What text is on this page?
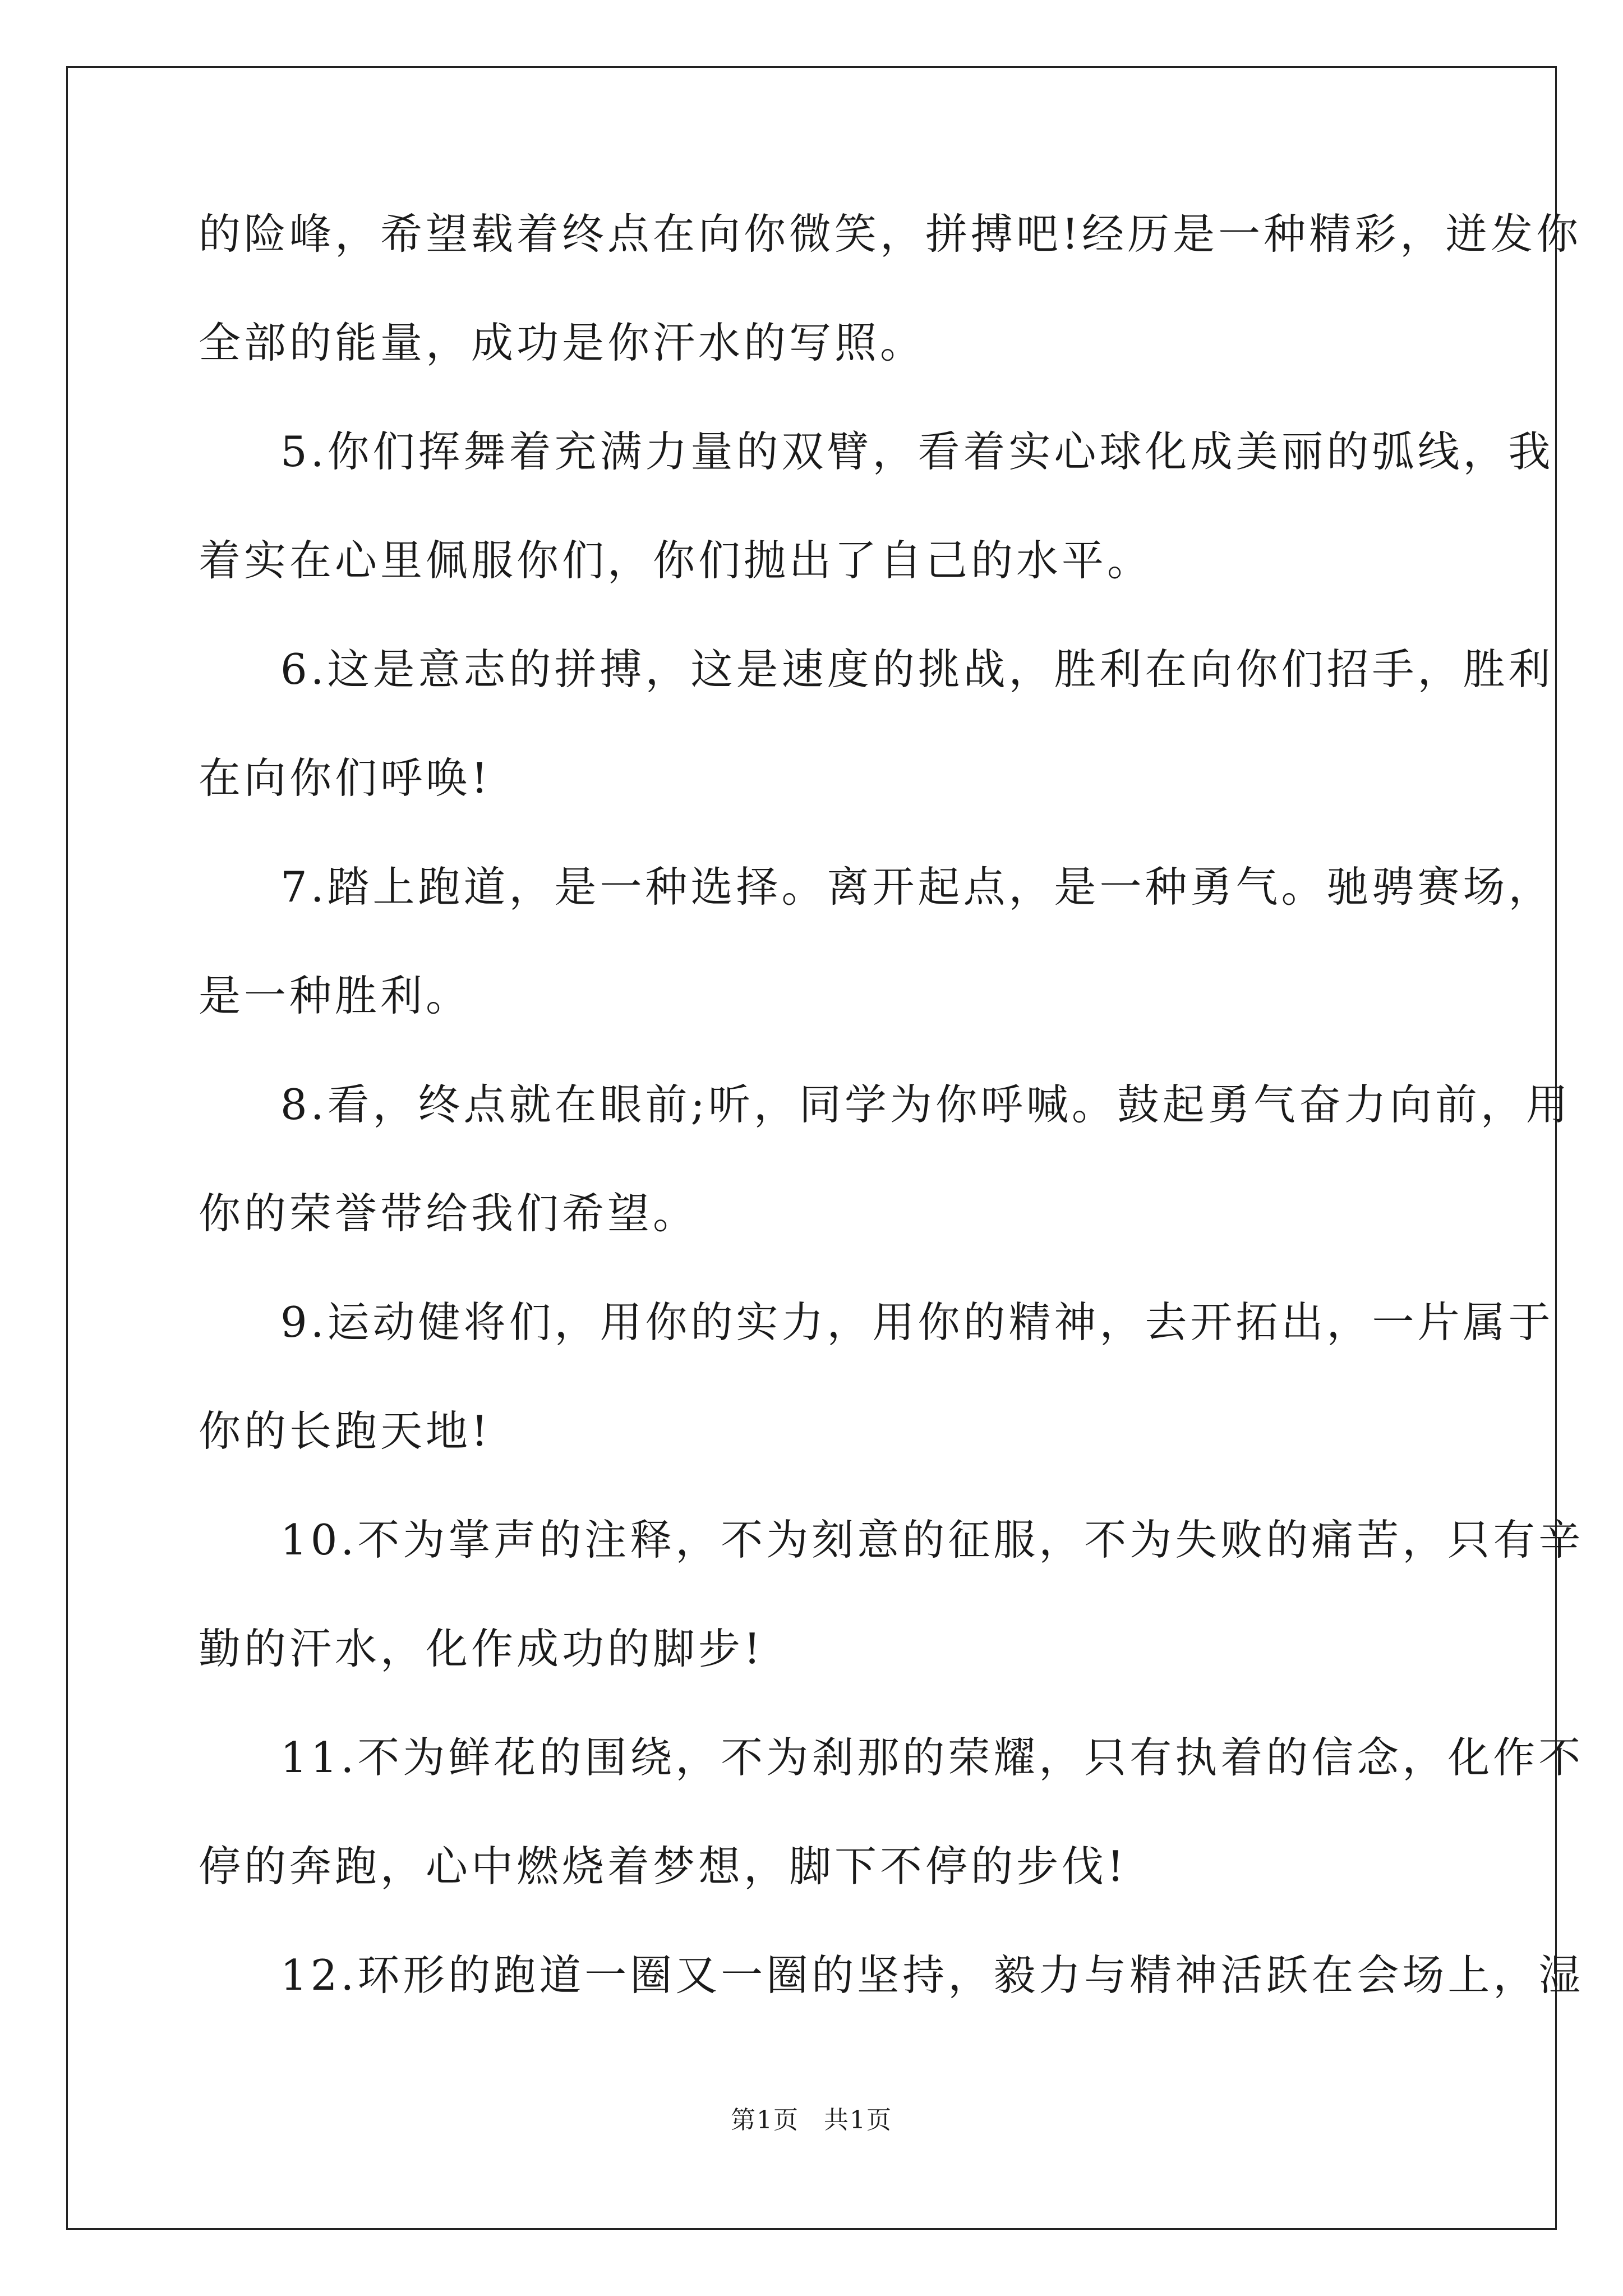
的险峰，希望载着终点在向你微笑，拼搏吧!经历是一种精彩，迸发你
全部的能量，成功是你汗水的写照。
5.你们挥舞着充满力量的双臂，看着实心球化成美丽的弧线，我
着实在心里佩服你们，你们抛出了自己的水平。
6.这是意志的拼搏，这是速度的挑战，胜利在向你们招手，胜利
在向你们呼唤!
7.踏上跑道，是一种选择。离开起点，是一种勇气。驰骋赛场，
是一种胜利。
8.看，终点就在眼前;听，同学为你呼喊。鼓起勇气奋力向前，用
你的荣誉带给我们希望。
9.运动健将们，用你的实力，用你的精神，去开拓出，一片属于
你的长跑天地!
10.不为掌声的注释，不为刻意的征服，不为失败的痛苦，只有辛
勤的汗水，化作成功的脚步!
11.不为鲜花的围绕，不为刹那的荣耀，只有执着的信念，化作不
停的奔跑，心中燃烧着梦想，脚下不停的步伐!
12.环形的跑道一圈又一圈的坚持，毅力与精神活跃在会场上，湿
第1页 共1页
